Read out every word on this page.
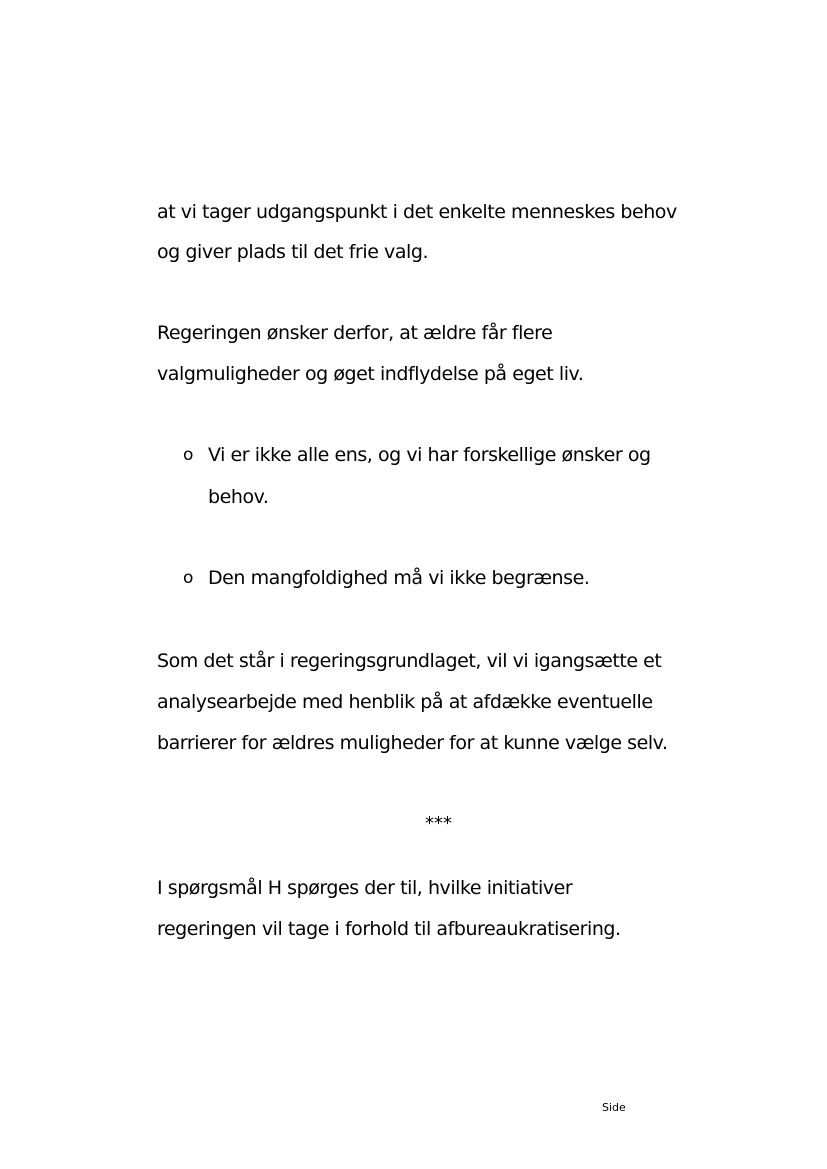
at vi tager udgangspunkt i det enkelte menneskes behov
og giver plads til det frie valg.
Regeringen ønsker derfor, at ældre får flere
valgmuligheder og øget indflydelse på eget liv.
o Vi er ikke alle ens, og vi har forskellige ønsker og
behov.
o Den mangfoldighed må vi ikke begrænse.
Som det står i regeringsgrundlaget, vil vi igangsætte et
analysearbejde med henblik på at afdække eventuelle
barrierer for ældres muligheder for at kunne vælge selv.
***
I spørgsmål H spørges der til, hvilke initiativer
regeringen vil tage i forhold til afbureaukratisering.
Side
